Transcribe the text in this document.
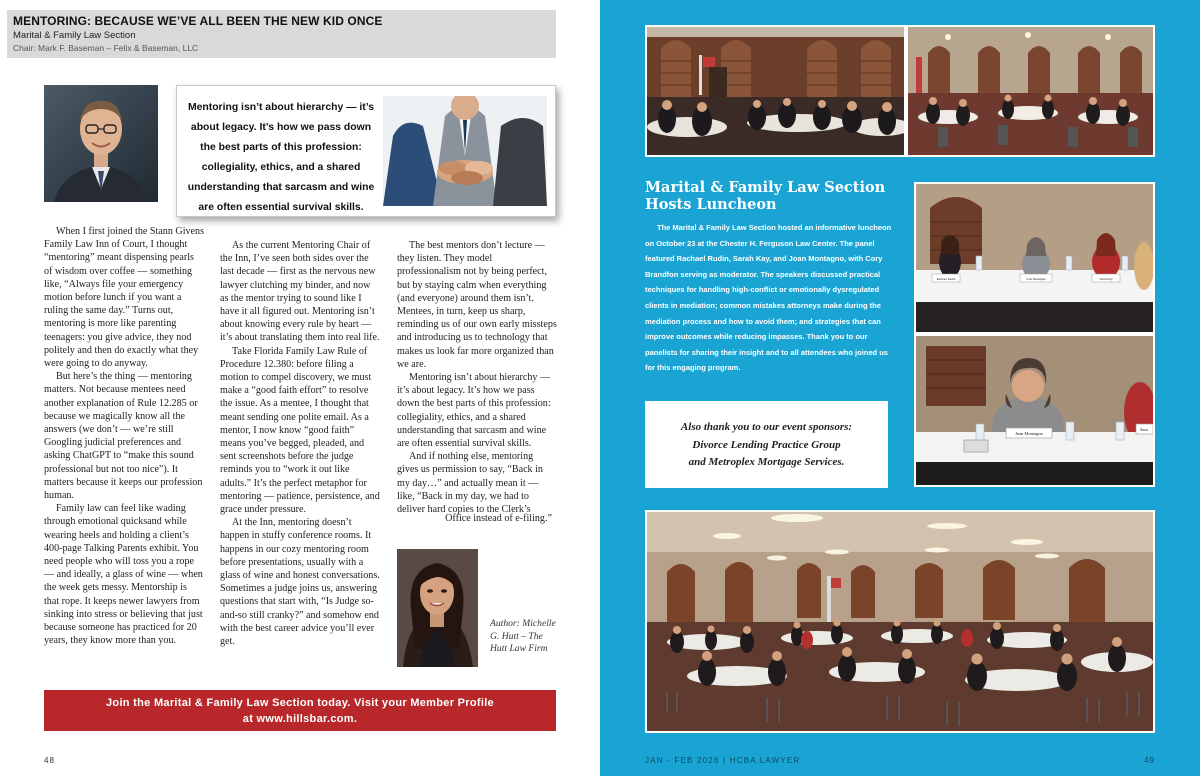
MENTORING: BECAUSE WE’VE ALL BEEN THE NEW KID ONCE
Marital & Family Law Section
Chair: Mark F. Baseman – Felix & Baseman, LLC
Mentoring isn’t about hierarchy — it’s about legacy. It’s how we pass down the best parts of this profession: collegiality, ethics, and a shared understanding that sarcasm and wine are often essential survival skills.

When I first joined the Stann Givens Family Law Inn of Court, I thought “mentoring” meant dispensing pearls of wisdom over coffee — something like, “Always file your emergency motion before lunch if you want a ruling the same day.” Turns out, mentoring is more like parenting teenagers: you give advice, they nod politely and then do exactly what they were going to do anyway.

But here’s the thing — mentoring matters. Not because mentees need another explanation of Rule 12.285 or because we magically know all the answers (we don’t — we’re still Googling judicial preferences and asking ChatGPT to “make this sound professional but not too nice”). It matters because it keeps our profession human.

Family law can feel like wading through emotional quicksand while wearing heels and holding a client’s 400-page Talking Parents exhibit. You need people who will toss you a rope — and ideally, a glass of wine — when the week gets messy. Mentorship is that rope. It keeps newer lawyers from sinking into stress or believing that just because someone has practiced for 20 years, they know more than you.

As the current Mentoring Chair of the Inn, I’ve seen both sides over the last decade — first as the nervous new lawyer clutching my binder, and now as the mentor trying to sound like I have it all figured out. Mentoring isn’t about knowing every rule by heart — it’s about translating them into real life.

Take Florida Family Law Rule of Procedure 12.380: before filing a motion to compel discovery, we must make a “good faith effort” to resolve the issue. As a mentee, I thought that meant sending one polite email. As a mentor, I now know “good faith” means you’ve begged, pleaded, and sent screenshots before the judge reminds you to “work it out like adults.” It’s the perfect metaphor for mentoring — patience, persistence, and grace under pressure.

At the Inn, mentoring doesn’t happen in stuffy conference rooms. It happens in our cozy mentoring room before presentations, usually with a glass of wine and honest conversations. Sometimes a judge joins us, answering questions that start with, “Is Judge so-and-so still cranky?” and somehow end with the best career advice you’ll ever get.

The best mentors don’t lecture — they listen. They model professionalism not by being perfect, but by staying calm when everything (and everyone) around them isn’t. Mentees, in turn, keep us sharp, reminding us of our own early missteps and introducing us to technology that makes us look far more organized than we are.

Mentoring isn’t about hierarchy — it’s about legacy. It’s how we pass down the best parts of this profession: collegiality, ethics, and a shared understanding that sarcasm and wine are often essential survival skills.

And if nothing else, mentoring gives us permission to say, “Back in my day…” and actually mean it — like, “Back in my day, we had to deliver hard copies to the Clerk’s

Office instead of e-filing.”
Author: Michelle G. Hutt – The Hutt Law Firm
Join the Marital & Family Law Section today. Visit your Member Profile
at www.hillsbar.com.
48
Marital & Family Law Section Hosts Luncheon
The Marital & Family Law Section hosted an informative luncheon on October 23 at the Chester H. Ferguson Law Center. The panel featured Rachael Rudin, Sarah Kay, and Joan Montagno, with Cory Brandfon serving as moderator. The speakers discussed practical techniques for handling high-conflict or emotionally dysregulated clients in mediation; common mistakes attorneys make during the mediation process and how to avoid them; and strategies that can improve outcomes while reducing impasses. Thank you to our panelists for sharing their insight and to all attendees who joined us for this engaging program.
Rachael Rudin	Joan Montagno	Sarah Kay
Joan Montagno
Sara
Also thank you to our event sponsors:
Divorce Lending Practice Group
and Metroplex Mortgage Services.
JAN - FEB 2026 | HCBA LAWYER	49
